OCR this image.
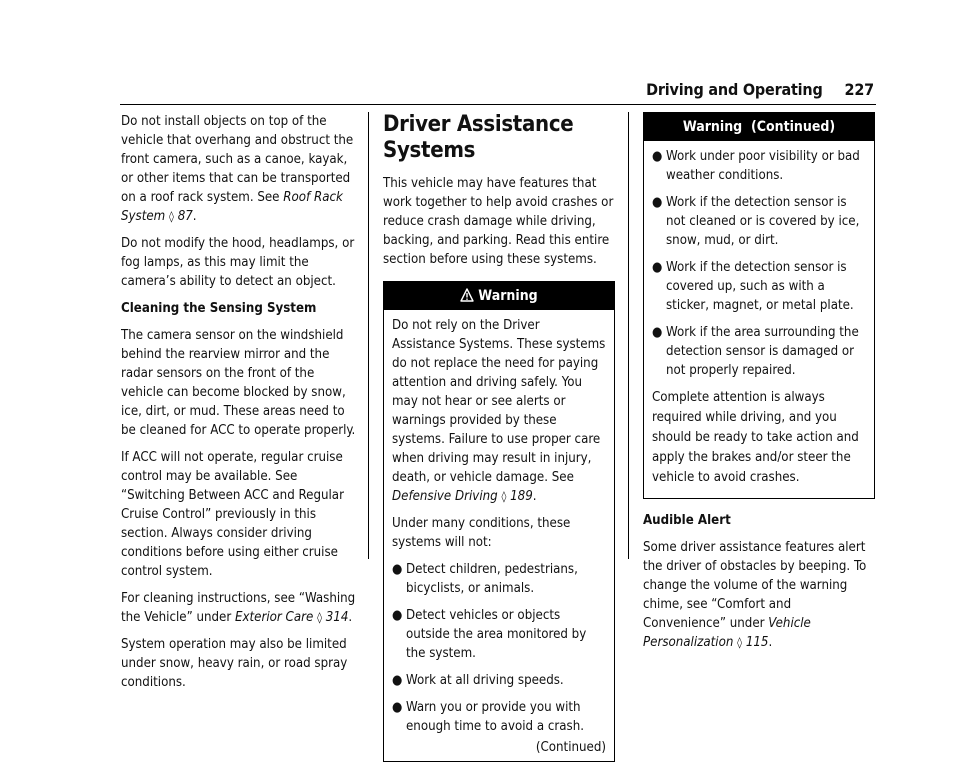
Driving and Operating 227

Do not install objects on top of the vehicle that overhang and obstruct the front camera, such as a canoe, kayak, or other items that can be transported on a roof rack system. See Roof Rack System ◊ 87.

Do not modify the hood, headlamps, or fog lamps, as this may limit the camera’s ability to detect an object.

Cleaning the Sensing System

The camera sensor on the windshield behind the rearview mirror and the radar sensors on the front of the vehicle can become blocked by snow, ice, dirt, or mud. These areas need to be cleaned for ACC to operate properly.

If ACC will not operate, regular cruise control may be available. See “Switching Between ACC and Regular Cruise Control” previously in this section. Always consider driving conditions before using either cruise control system.

For cleaning instructions, see “Washing the Vehicle” under Exterior Care ◊ 314.

System operation may also be limited under snow, heavy rain, or road spray conditions.

Driver Assistance Systems

This vehicle may have features that work together to help avoid crashes or reduce crash damage while driving, backing, and parking. Read this entire section before using these systems.

Warning

Do not rely on the Driver Assistance Systems. These systems do not replace the need for paying attention and driving safely. You may not hear or see alerts or warnings provided by these systems. Failure to use proper care when driving may result in injury, death, or vehicle damage. See Defensive Driving ◊ 189.

Under many conditions, these systems will not:

● Detect children, pedestrians, bicyclists, or animals.
● Detect vehicles or objects outside the area monitored by the system.
● Work at all driving speeds.
● Warn you or provide you with enough time to avoid a crash.
(Continued)
Warning  (Continued)
● Work under poor visibility or bad weather conditions.
● Work if the detection sensor is not cleaned or is covered by ice, snow, mud, or dirt.
● Work if the detection sensor is covered up, such as with a sticker, magnet, or metal plate.
● Work if the area surrounding the detection sensor is damaged or not properly repaired.

Complete attention is always required while driving, and you should be ready to take action and apply the brakes and/or steer the vehicle to avoid crashes.

Audible Alert

Some driver assistance features alert the driver of obstacles by beeping. To change the volume of the warning chime, see “Comfort and Convenience” under Vehicle Personalization ◊ 115.
